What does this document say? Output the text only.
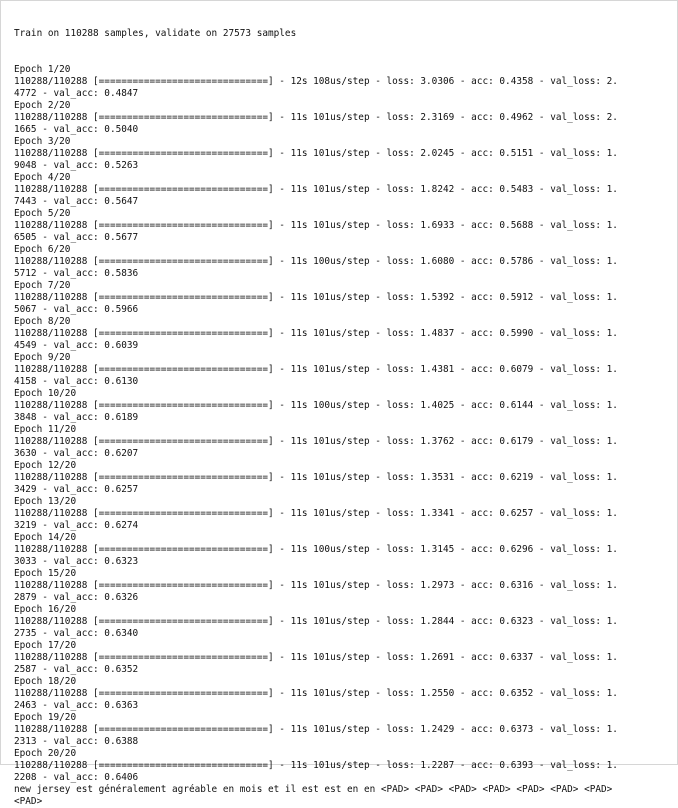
Train on 110288 samples, validate on 27573 samples

Epoch 1/20
110288/110288 [==============================] - 12s 108us/step - loss: 3.0306 - acc: 0.4358 - val_loss: 2.
4772 - val_acc: 0.4847
Epoch 2/20
110288/110288 [==============================] - 11s 101us/step - loss: 2.3169 - acc: 0.4962 - val_loss: 2.
1665 - val_acc: 0.5040
Epoch 3/20
110288/110288 [==============================] - 11s 101us/step - loss: 2.0245 - acc: 0.5151 - val_loss: 1.
9048 - val_acc: 0.5263
Epoch 4/20
110288/110288 [==============================] - 11s 101us/step - loss: 1.8242 - acc: 0.5483 - val_loss: 1.
7443 - val_acc: 0.5647
Epoch 5/20
110288/110288 [==============================] - 11s 101us/step - loss: 1.6933 - acc: 0.5688 - val_loss: 1.
6505 - val_acc: 0.5677
Epoch 6/20
110288/110288 [==============================] - 11s 100us/step - loss: 1.6080 - acc: 0.5786 - val_loss: 1.
5712 - val_acc: 0.5836
Epoch 7/20
110288/110288 [==============================] - 11s 101us/step - loss: 1.5392 - acc: 0.5912 - val_loss: 1.
5067 - val_acc: 0.5966
Epoch 8/20
110288/110288 [==============================] - 11s 101us/step - loss: 1.4837 - acc: 0.5990 - val_loss: 1.
4549 - val_acc: 0.6039
Epoch 9/20
110288/110288 [==============================] - 11s 101us/step - loss: 1.4381 - acc: 0.6079 - val_loss: 1.
4158 - val_acc: 0.6130
Epoch 10/20
110288/110288 [==============================] - 11s 100us/step - loss: 1.4025 - acc: 0.6144 - val_loss: 1.
3848 - val_acc: 0.6189
Epoch 11/20
110288/110288 [==============================] - 11s 101us/step - loss: 1.3762 - acc: 0.6179 - val_loss: 1.
3630 - val_acc: 0.6207
Epoch 12/20
110288/110288 [==============================] - 11s 101us/step - loss: 1.3531 - acc: 0.6219 - val_loss: 1.
3429 - val_acc: 0.6257
Epoch 13/20
110288/110288 [==============================] - 11s 101us/step - loss: 1.3341 - acc: 0.6257 - val_loss: 1.
3219 - val_acc: 0.6274
Epoch 14/20
110288/110288 [==============================] - 11s 100us/step - loss: 1.3145 - acc: 0.6296 - val_loss: 1.
3033 - val_acc: 0.6323
Epoch 15/20
110288/110288 [==============================] - 11s 101us/step - loss: 1.2973 - acc: 0.6316 - val_loss: 1.
2879 - val_acc: 0.6326
Epoch 16/20
110288/110288 [==============================] - 11s 101us/step - loss: 1.2844 - acc: 0.6323 - val_loss: 1.
2735 - val_acc: 0.6340
Epoch 17/20
110288/110288 [==============================] - 11s 101us/step - loss: 1.2691 - acc: 0.6337 - val_loss: 1.
2587 - val_acc: 0.6352
Epoch 18/20
110288/110288 [==============================] - 11s 101us/step - loss: 1.2550 - acc: 0.6352 - val_loss: 1.
2463 - val_acc: 0.6363
Epoch 19/20
110288/110288 [==============================] - 11s 101us/step - loss: 1.2429 - acc: 0.6373 - val_loss: 1.
2313 - val_acc: 0.6388
Epoch 20/20
110288/110288 [==============================] - 11s 101us/step - loss: 1.2287 - acc: 0.6393 - val_loss: 1.
2208 - val_acc: 0.6406
new jersey est généralement agréable en mois et il est est en en <PAD> <PAD> <PAD> <PAD> <PAD> <PAD> <PAD>
<PAD>
